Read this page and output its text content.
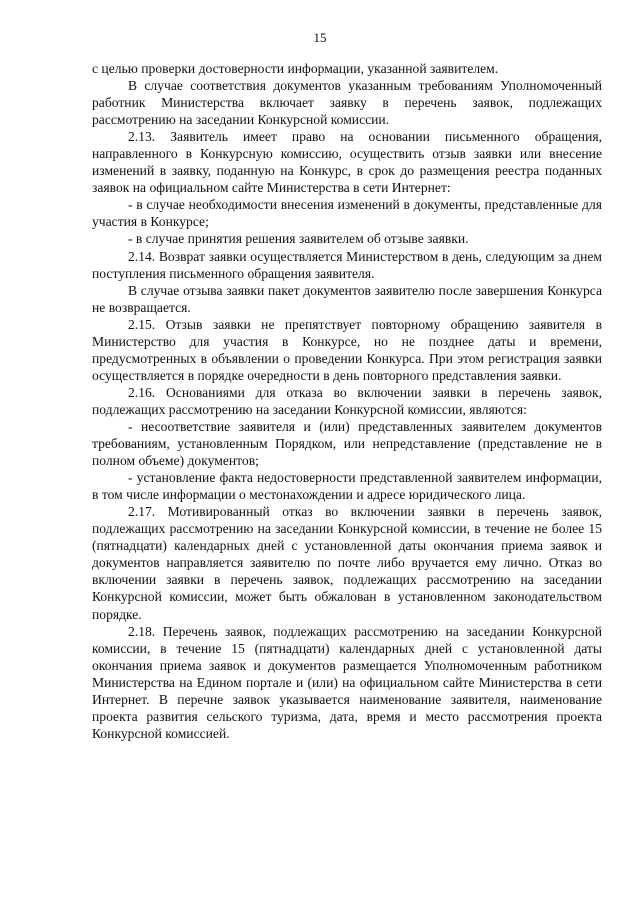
15

с целью проверки достоверности информации, указанной заявителем.

В случае соответствия документов указанным требованиям Уполномоченный работник Министерства включает заявку в перечень заявок, подлежащих рассмотрению на заседании Конкурсной комиссии.

2.13. Заявитель имеет право на основании письменного обращения, направленного в Конкурсную комиссию, осуществить отзыв заявки или внесение изменений в заявку, поданную на Конкурс, в срок до размещения реестра поданных заявок на официальном сайте Министерства в сети Интернет:

- в случае необходимости внесения изменений в документы, представленные для участия в Конкурсе;

- в случае принятия решения заявителем об отзыве заявки.

2.14. Возврат заявки осуществляется Министерством в день, следующим за днем поступления письменного обращения заявителя.

В случае отзыва заявки пакет документов заявителю после завершения Конкурса не возвращается.

2.15. Отзыв заявки не препятствует повторному обращению заявителя в Министерство для участия в Конкурсе, но не позднее даты и времени, предусмотренных в объявлении о проведении Конкурса. При этом регистрация заявки осуществляется в порядке очередности в день повторного представления заявки.

2.16. Основаниями для отказа во включении заявки в перечень заявок, подлежащих рассмотрению на заседании Конкурсной комиссии, являются:

- несоответствие заявителя и (или) представленных заявителем документов требованиям, установленным Порядком, или непредставление (представление не в полном объеме) документов;

- установление факта недостоверности представленной заявителем информации, в том числе информации о местонахождении и адресе юридического лица.

2.17. Мотивированный отказ во включении заявки в перечень заявок, подлежащих рассмотрению на заседании Конкурсной комиссии, в течение не более 15 (пятнадцати) календарных дней с установленной даты окончания приема заявок и документов направляется заявителю по почте либо вручается ему лично. Отказ во включении заявки в перечень заявок, подлежащих рассмотрению на заседании Конкурсной комиссии, может быть обжалован в установленном законодательством порядке.

2.18. Перечень заявок, подлежащих рассмотрению на заседании Конкурсной комиссии, в течение 15 (пятнадцати) календарных дней с установленной даты окончания приема заявок и документов размещается Уполномоченным работником Министерства на Едином портале и (или) на официальном сайте Министерства в сети Интернет. В перечне заявок указывается наименование заявителя, наименование проекта развития сельского туризма, дата, время и место рассмотрения проекта Конкурсной комиссией.
